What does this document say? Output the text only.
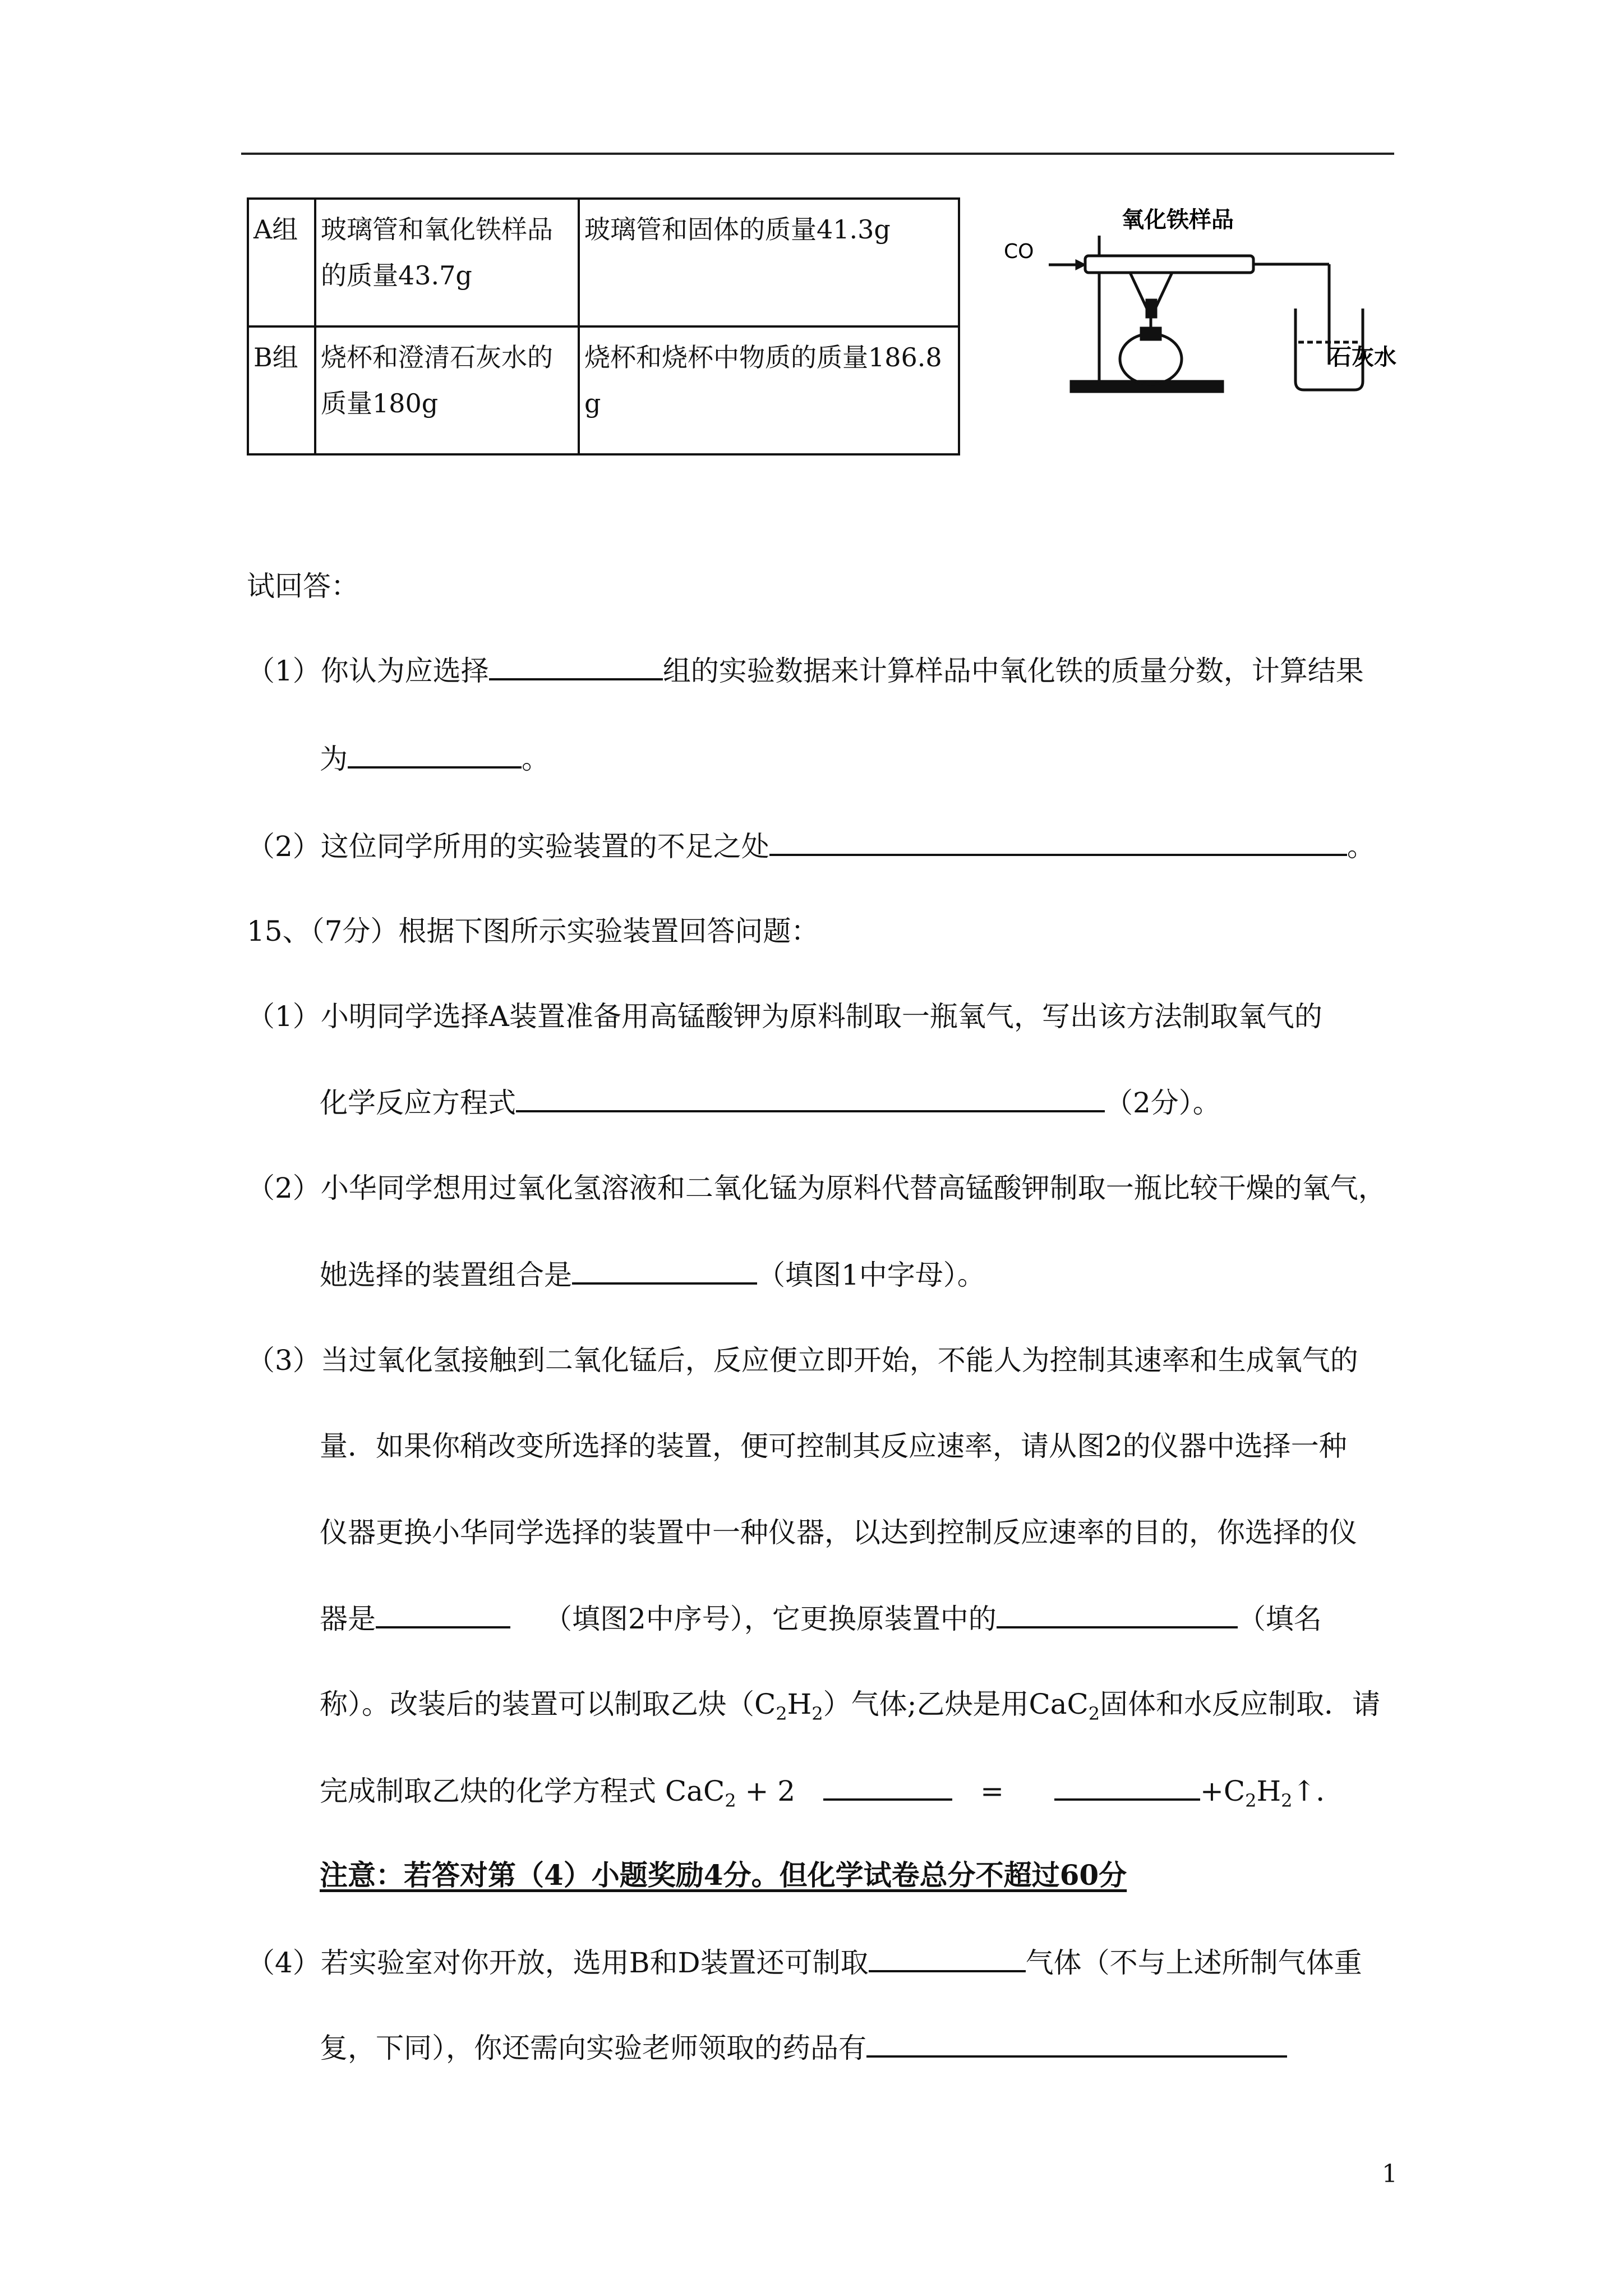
A组	玻璃管和氧化铁样品的质量43.7g	玻璃管和固体的质量41.3g
B组	烧杯和澄清石灰水的质量180g	烧杯和烧杯中物质的质量186.8g
CO
氧化铁样品
石灰水
试回答：
（1）你认为应选择	组的实验数据来计算样品中氧化铁的质量分数，计算结果
为	。
（2）这位同学所用的实验装置的不足之处	。
15、（7分）根据下图所示实验装置回答问题：
（1）小明同学选择A装置准备用高锰酸钾为原料制取一瓶氧气，写出该方法制取氧气的
化学反应方程式	（2分）。
（2）小华同学想用过氧化氢溶液和二氧化锰为原料代替高锰酸钾制取一瓶比较干燥的氧气，
她选择的装置组合是	（填图1中字母）。
（3）当过氧化氢接触到二氧化锰后，反应便立即开始，不能人为控制其速率和生成氧气的
量．如果你稍改变所选择的装置，便可控制其反应速率，请从图2的仪器中选择一种
仪器更换小华同学选择的装置中一种仪器，以达到控制反应速率的目的，你选择的仪
器是	（填图2中序号），它更换原装置中的	（填名
称）。改装后的装置可以制取乙炔$(C_2H_2)$气体;乙炔是用CaC$_2$固体和水反应制取．请
完成制取乙炔的化学方程式 CaC$_2$ + 2	=	$+C_2H_2↑$．
注意：若答对第（4）小题奖励4分。但化学试卷总分不超过60分
（4）若实验室对你开放，选用B和D装置还可制取	气体（不与上述所制气体重
复，下同），你还需向实验老师领取的药品有
1
